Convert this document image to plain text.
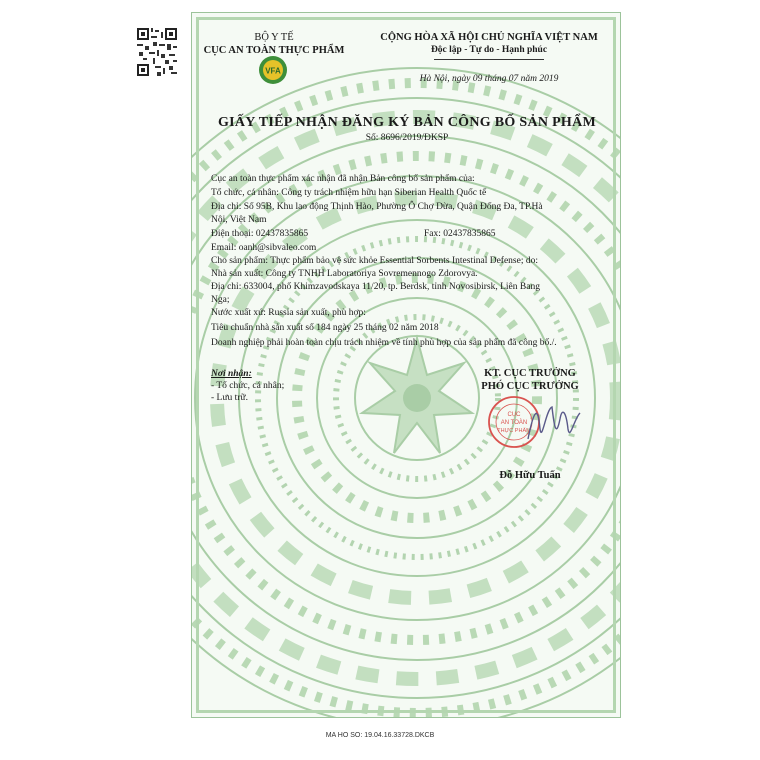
BỘ Y TẾ
CỤC AN TOÀN THỰC PHẨM
VFA
CỘNG HÒA XÃ HỘI CHỦ NGHĨA VIỆT NAM
Độc lập - Tự do - Hạnh phúc
Hà Nội, ngày 09 tháng 07 năm 2019
GIẤY TIẾP NHẬN ĐĂNG KÝ BẢN CÔNG BỐ SẢN PHẨM
Số: 8696/2019/ĐKSP
Cục an toàn thực phẩm xác nhận đã nhận Bản công bố sản phẩm của:
Tổ chức, cá nhân: Công ty trách nhiệm hữu hạn Siberian Health Quốc tế
Địa chỉ: Số 95B, Khu lao động Thịnh Hào, Phường Ô Chợ Dừa, Quận Đống Đa, TP.Hà
Nội, Việt Nam
Điện thoại: 02437835865	Fax: 02437835865
Email: oanh@sibvaleo.com
Cho sản phẩm: Thực phẩm bảo vệ sức khỏe Essential Sorbents Intestinal Defense; do:
Nhà sản xuất: Công ty TNHH Laboratoriya Sovremennogo Zdorovya.
Địa chỉ: 633004, phố Khimzavodskaya 11/20, tp. Berdsk, tỉnh Novosibirsk, Liên Bang
Nga;
Nước xuất xứ: Russia sản xuất, phù hợp:
Tiêu chuẩn nhà sản xuất số 184 ngày 25 tháng 02 năm 2018
Doanh nghiệp phải hoàn toàn chịu trách nhiệm về tính phù hợp của sản phẩm đã công bố./.
Nơi nhận:
- Tổ chức, cá nhân;
- Lưu trữ.
KT. CỤC TRƯỞNG
PHÓ CỤC TRƯỞNG
CỤC
AN TOÀN
THỰC PHẨM
Đỗ Hữu Tuấn
MA HO SO: 19.04.16.33728.DKCB
